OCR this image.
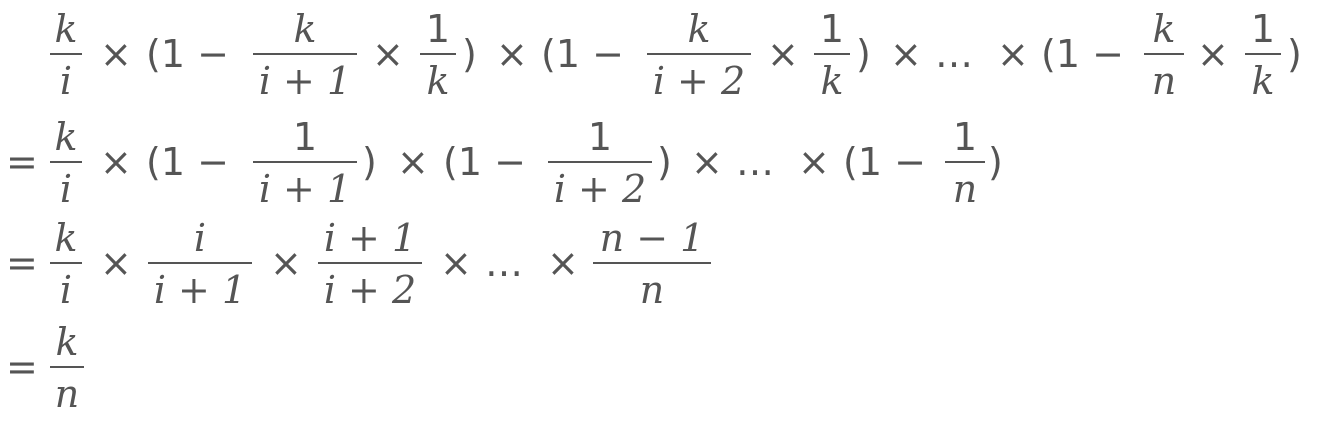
k
i
× (1 −
k
i + 1
×
1
k
) × (1 −
k
i + 2
×
1
k
) × … × (1 −
k
n
×
1
k
)
=
k
i
× (1 −
1
i + 1
) × (1 −
1
i + 2
) × … × (1 −
1
n
)
=
k
i
×
i
i + 1
×
i + 1
i + 2
× … ×
n − 1
n
=
k
n
